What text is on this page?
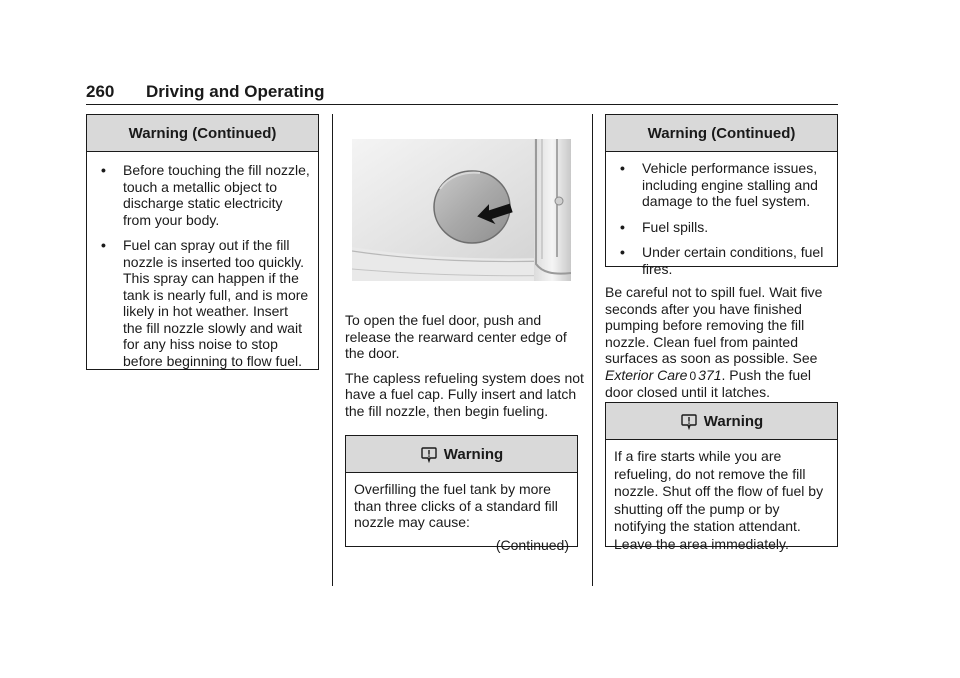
260 Driving and Operating
Warning (Continued)
• Before touching the fill nozzle, touch a metallic object to discharge static electricity from your body.
• Fuel can spray out if the fill nozzle is inserted too quickly. This spray can happen if the tank is nearly full, and is more likely in hot weather. Insert the fill nozzle slowly and wait for any hiss noise to stop before beginning to flow fuel.

To open the fuel door, push and release the rearward center edge of the door.

The capless refueling system does not have a fuel cap. Fully insert and latch the fill nozzle, then begin fueling.

Warning
Overfilling the fuel tank by more than three clicks of a standard fill nozzle may cause:
(Continued)
Warning (Continued)
• Vehicle performance issues, including engine stalling and damage to the fuel system.
• Fuel spills.
• Under certain conditions, fuel fires.

Be careful not to spill fuel. Wait five seconds after you have finished pumping before removing the fill nozzle. Clean fuel from painted surfaces as soon as possible. See Exterior Care 0 371. Push the fuel door closed until it latches.

Warning
If a fire starts while you are refueling, do not remove the fill nozzle. Shut off the flow of fuel by shutting off the pump or by notifying the station attendant. Leave the area immediately.
